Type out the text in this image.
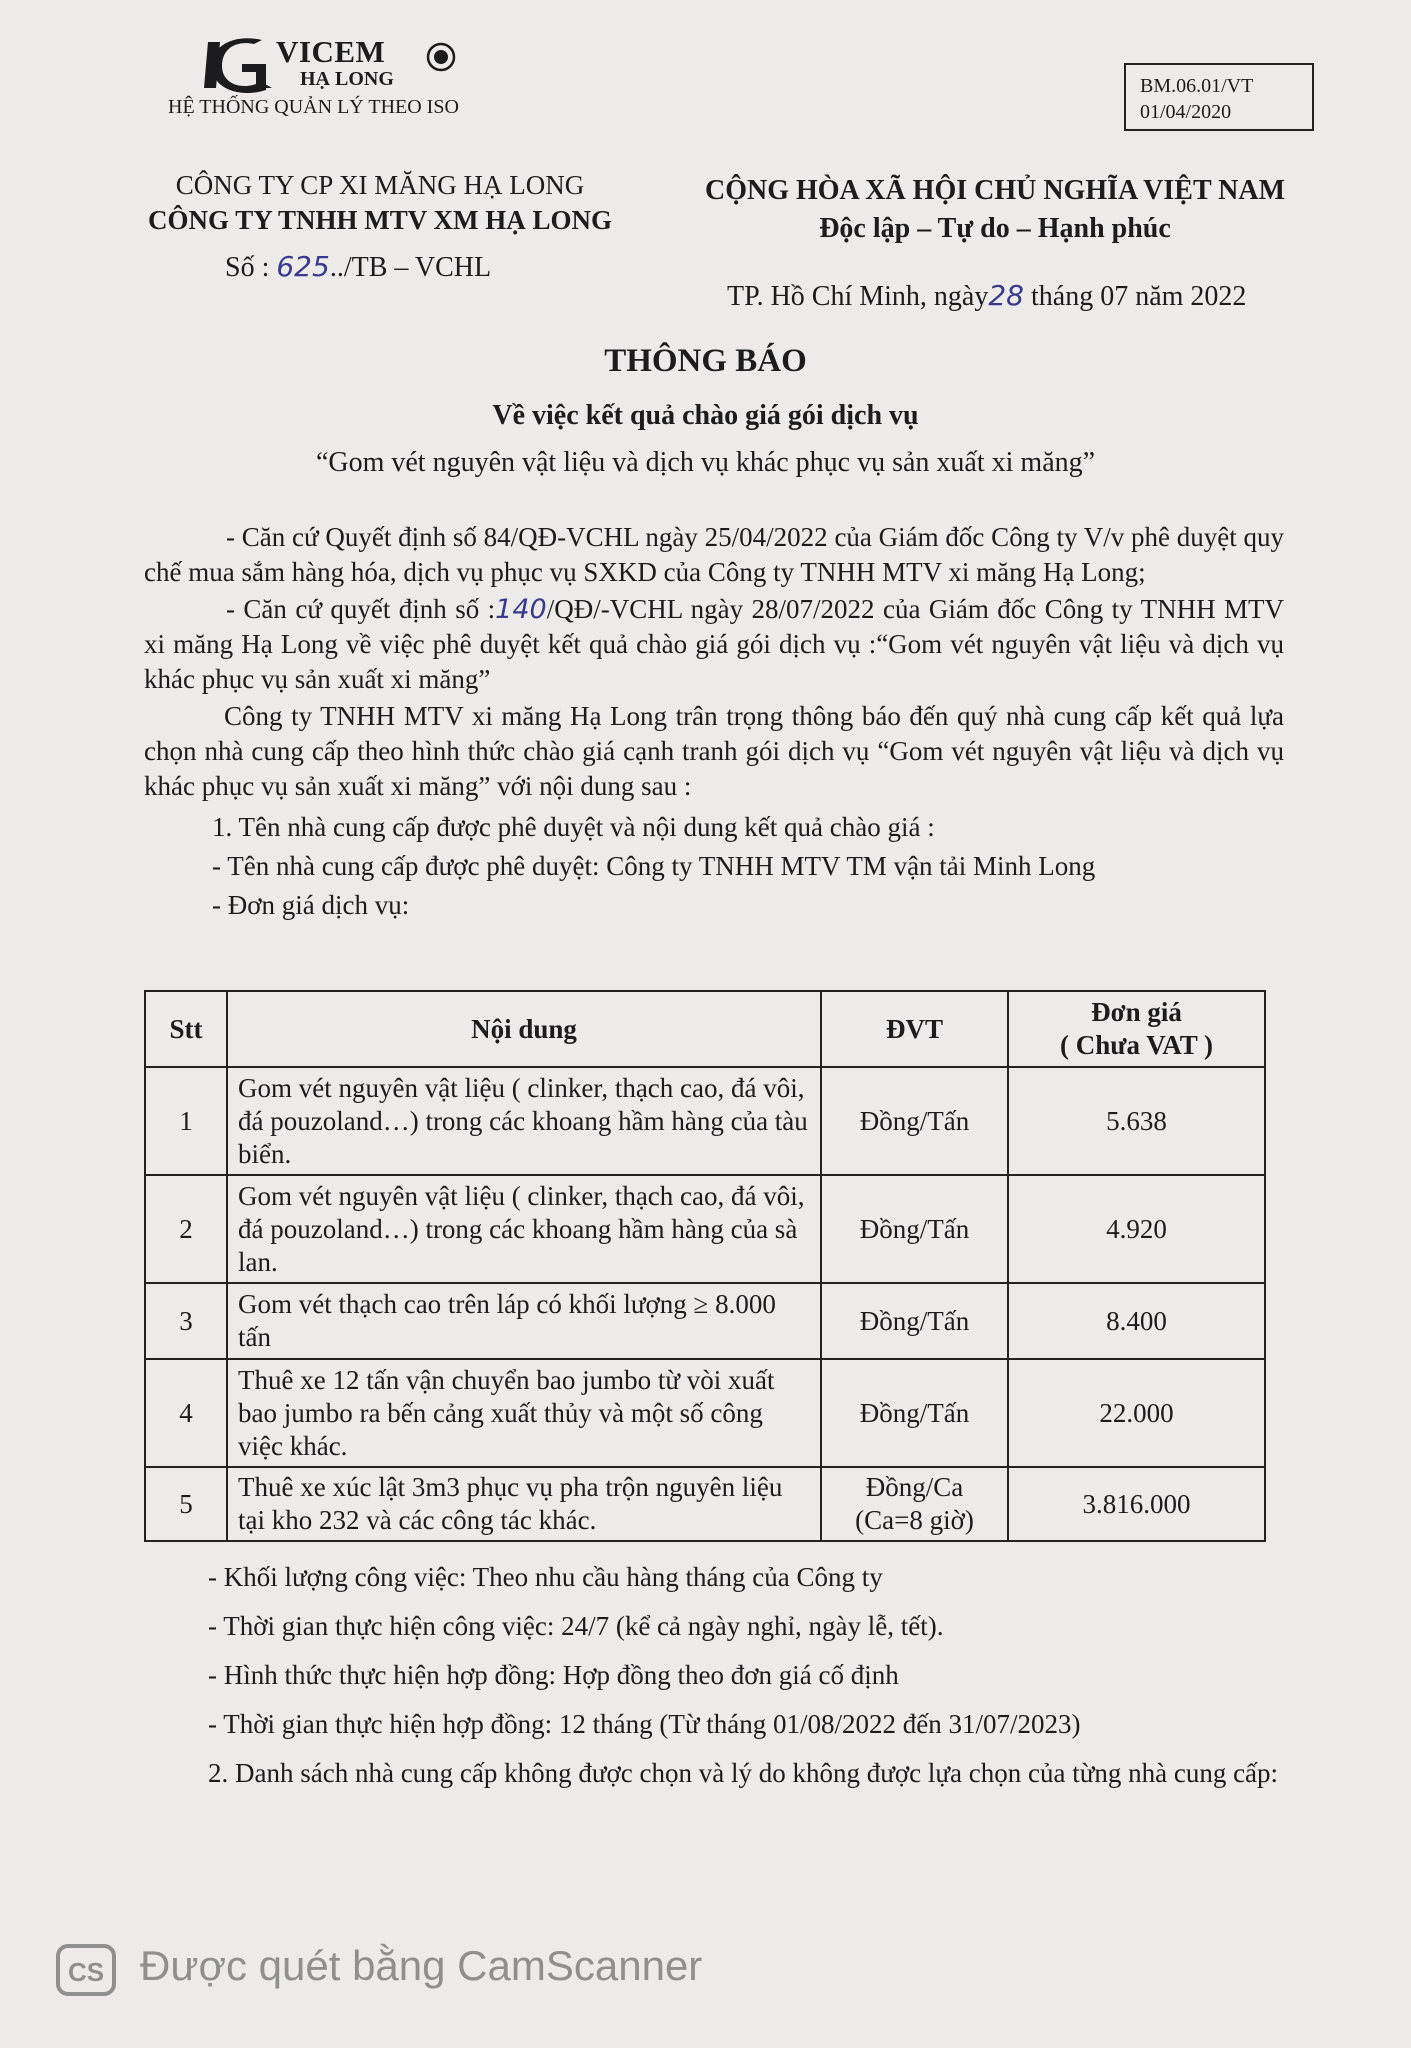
VICEM
HẠ LONG
HỆ THỐNG QUẢN LÝ THEO ISO
BM.06.01/VT
01/04/2020
CÔNG TY CP XI MĂNG HẠ LONG
CÔNG TY TNHH MTV XM HẠ LONG
Số : 625../TB – VCHL
CỘNG HÒA XÃ HỘI CHỦ NGHĨA VIỆT NAM
Độc lập – Tự do – Hạnh phúc
TP. Hồ Chí Minh, ngày28 tháng 07 năm 2022
THÔNG BÁO
Về việc kết quả chào giá gói dịch vụ
“Gom vét nguyên vật liệu và dịch vụ khác phục vụ sản xuất xi măng”

- Căn cứ Quyết định số 84/QĐ-VCHL ngày 25/04/2022 của Giám đốc Công ty V/v phê duyệt quy chế mua sắm hàng hóa, dịch vụ phục vụ SXKD của Công ty TNHH MTV xi măng Hạ Long;

- Căn cứ quyết định số :140/QĐ/-VCHL ngày 28/07/2022 của Giám đốc Công ty TNHH MTV xi măng Hạ Long về việc phê duyệt kết quả chào giá gói dịch vụ :“Gom vét nguyên vật liệu và dịch vụ khác phục vụ sản xuất xi măng”

Công ty TNHH MTV xi măng Hạ Long trân trọng thông báo đến quý nhà cung cấp kết quả lựa chọn nhà cung cấp theo hình thức chào giá cạnh tranh gói dịch vụ “Gom vét nguyên vật liệu và dịch vụ khác phục vụ sản xuất xi măng” với nội dung sau :

1. Tên nhà cung cấp được phê duyệt và nội dung kết quả chào giá :

- Tên nhà cung cấp được phê duyệt: Công ty TNHH MTV TM vận tải Minh Long

- Đơn giá dịch vụ:

Stt	Nội dung	ĐVT	Đơn giá
( Chưa VAT )

1	Gom vét nguyên vật liệu ( clinker, thạch cao, đá vôi, đá pouzoland…) trong các khoang hầm hàng của tàu biển.	Đồng/Tấn	5.638
2	Gom vét nguyên vật liệu ( clinker, thạch cao, đá vôi, đá pouzoland…) trong các khoang hầm hàng của sà lan.	Đồng/Tấn	4.920
3	Gom vét thạch cao trên láp có khối lượng ≥ 8.000 tấn	Đồng/Tấn	8.400
4	Thuê xe 12 tấn vận chuyển bao jumbo từ vòi xuất bao jumbo ra bến cảng xuất thủy và một số công việc khác.	Đồng/Tấn	22.000
5	Thuê xe xúc lật 3m3 phục vụ pha trộn nguyên liệu tại kho 232 và các công tác khác.	Đồng/Ca (Ca=8 giờ)	3.816.000

- Khối lượng công việc: Theo nhu cầu hàng tháng của Công ty

- Thời gian thực hiện công việc: 24/7 (kể cả ngày nghỉ, ngày lễ, tết).

- Hình thức thực hiện hợp đồng: Hợp đồng theo đơn giá cố định

- Thời gian thực hiện hợp đồng: 12 tháng (Từ tháng 01/08/2022 đến 31/07/2023)

2. Danh sách nhà cung cấp không được chọn và lý do không được lựa chọn của từng nhà cung cấp:

CS Được quét bằng CamScanner
